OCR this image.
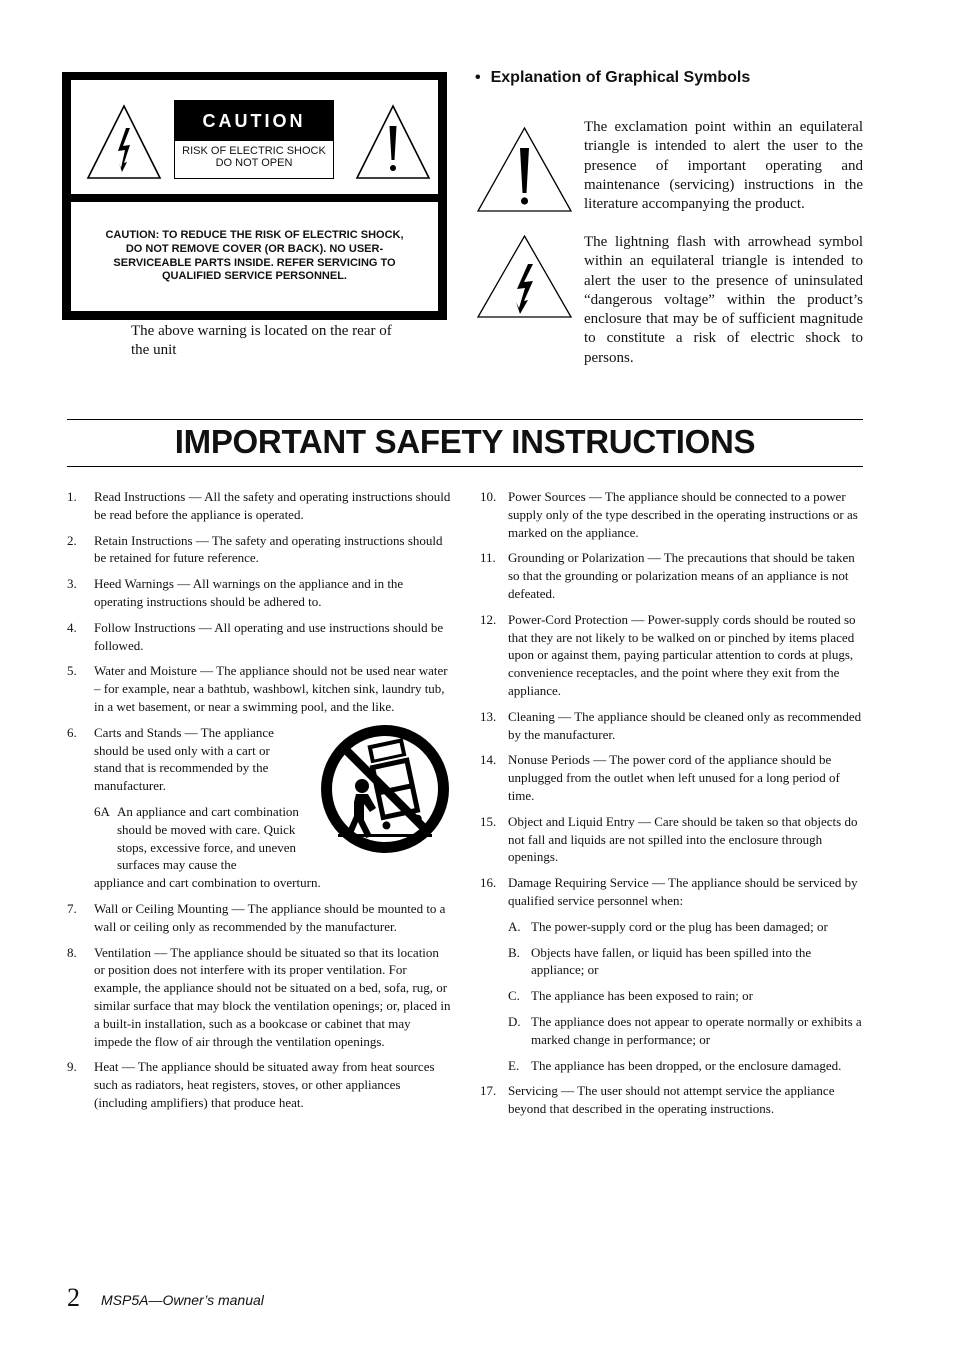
CAUTION
RISK OF ELECTRIC SHOCK
DO NOT OPEN

CAUTION: TO REDUCE THE RISK OF ELECTRIC SHOCK, DO NOT REMOVE COVER (OR BACK). NO USER-SERVICEABLE PARTS INSIDE. REFER SERVICING TO QUALIFIED SERVICE PERSONNEL.

The above warning is located on the rear of the unit

• Explanation of Graphical Symbols

The exclamation point within an equilateral triangle is intended to alert the user to the presence of important operating and maintenance (servicing) instructions in the literature accompanying the product.

The lightning flash with arrowhead symbol within an equilateral triangle is intended to alert the user to the presence of uninsulated “dangerous voltage” within the product’s enclosure that may be of sufficient magnitude to constitute a risk of electric shock to persons.

IMPORTANT SAFETY INSTRUCTIONS
1.	Read Instructions — All the safety and operating instructions should be read before the appliance is operated.
2.	Retain Instructions — The safety and operating instructions should be retained for future reference.
3.	Heed Warnings — All warnings on the appliance and in the operating instructions should be adhered to.
4.	Follow Instructions — All operating and use instructions should be followed.
5.	Water and Moisture — The appliance should not be used near water – for example, near a bathtub, washbowl, kitchen sink, laundry tub, in a wet basement, or near a swimming pool, and the like.
6.	Carts and Stands — The appliance should be used only with a cart or stand that is recommended by the manufacturer.
6A An appliance and cart combination should be moved with care. Quick stops, excessive force, and uneven surfaces may cause the
appliance and cart combination to overturn.
7.	Wall or Ceiling Mounting — The appliance should be mounted to a wall or ceiling only as recommended by the manufacturer.
8.	Ventilation — The appliance should be situated so that its location or position does not interfere with its proper ventilation. For example, the appliance should not be situated on a bed, sofa, rug, or similar surface that may block the ventilation openings; or, placed in a built-in installation, such as a bookcase or cabinet that may impede the flow of air through the ventilation openings.
9.	Heat — The appliance should be situated away from heat sources such as radiators, heat registers, stoves, or other appliances (including amplifiers) that produce heat.
10. Power Sources — The appliance should be connected to a power supply only of the type described in the operating instructions or as marked on the appliance.
11. Grounding or Polarization — The precautions that should be taken so that the grounding or polarization means of an appliance is not defeated.
12. Power-Cord Protection — Power-supply cords should be routed so that they are not likely to be walked on or pinched by items placed upon or against them, paying particular attention to cords at plugs, convenience receptacles, and the point where they exit from the appliance.
13. Cleaning — The appliance should be cleaned only as recommended by the manufacturer.
14. Nonuse Periods — The power cord of the appliance should be unplugged from the outlet when left unused for a long period of time.
15. Object and Liquid Entry — Care should be taken so that objects do not fall and liquids are not spilled into the enclosure through openings.
16. Damage Requiring Service — The appliance should be serviced by qualified service personnel when:
A. The power-supply cord or the plug has been damaged; or
B. Objects have fallen, or liquid has been spilled into the appliance; or
C. The appliance has been exposed to rain; or
D. The appliance does not appear to operate normally or exhibits a marked change in performance; or
E. The appliance has been dropped, or the enclosure damaged.
17. Servicing — The user should not attempt service the appliance beyond that described in the operating instructions.

2 MSP5A—Owner’s manual
